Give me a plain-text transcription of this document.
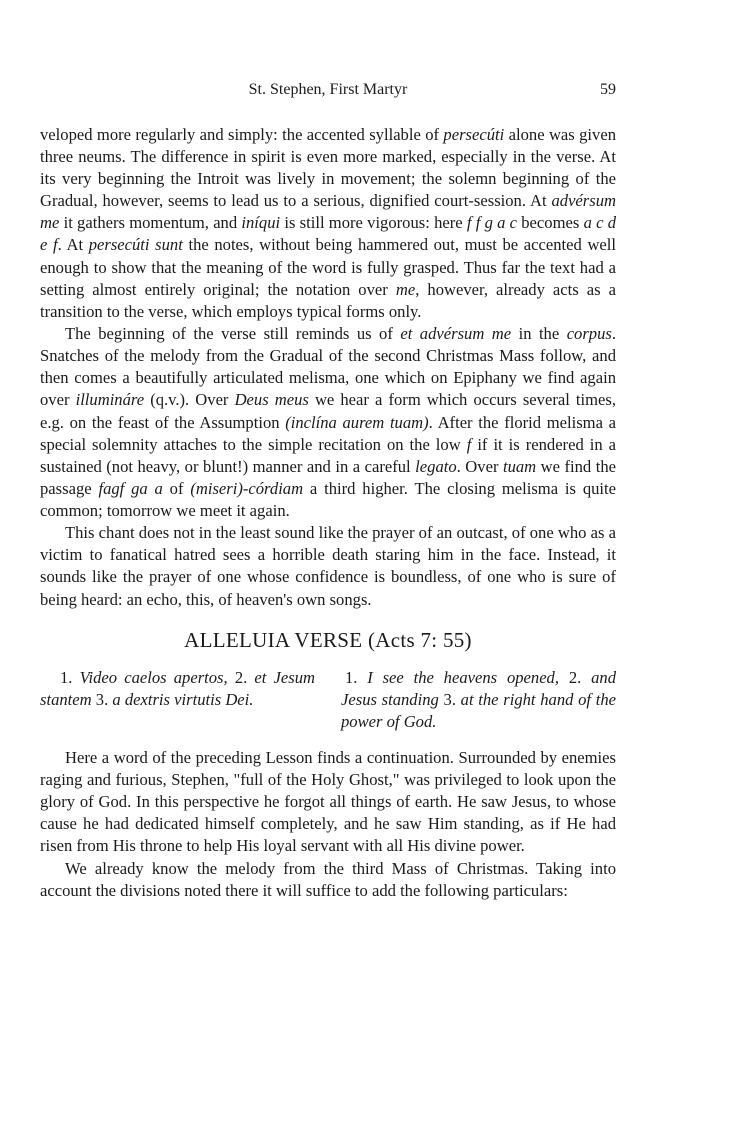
St. Stephen, First Martyr	59

veloped more regularly and simply: the accented syllable of persecúti alone was given three neums. The difference in spirit is even more marked, especially in the verse. At its very beginning the Introit was lively in movement; the solemn beginning of the Gradual, however, seems to lead us to a serious, dignified court-session. At advérsum me it gathers momentum, and iníqui is still more vigorous: here f f g a c becomes a c d e f. At persecúti sunt the notes, without being hammered out, must be accented well enough to show that the meaning of the word is fully grasped. Thus far the text had a setting almost entirely original; the notation over me, however, already acts as a transition to the verse, which employs typical forms only.

The beginning of the verse still reminds us of et advérsum me in the corpus. Snatches of the melody from the Gradual of the second Christmas Mass follow, and then comes a beautifully articulated melisma, one which on Epiphany we find again over illumináre (q.v.). Over Deus meus we hear a form which occurs several times, e.g. on the feast of the Assumption (inclína aurem tuam). After the florid melisma a special solemnity attaches to the simple recitation on the low f if it is rendered in a sustained (not heavy, or blunt!) manner and in a careful legato. Over tuam we find the passage fagf ga a of (miseri)-córdiam a third higher. The closing melisma is quite common; tomorrow we meet it again.

This chant does not in the least sound like the prayer of an outcast, of one who as a victim to fanatical hatred sees a horrible death staring him in the face. Instead, it sounds like the prayer of one whose confidence is boundless, of one who is sure of being heard: an echo, this, of heaven's own songs.

ALLELUIA VERSE (Acts 7: 55)
1. Video caelos apertos, 2. et Jesum stantem 3. a dextris virtutis Dei.
1. I see the heavens opened, 2. and Jesus standing 3. at the right hand of the power of God.

Here a word of the preceding Lesson finds a continuation. Surrounded by enemies raging and furious, Stephen, "full of the Holy Ghost," was privileged to look upon the glory of God. In this perspective he forgot all things of earth. He saw Jesus, to whose cause he had dedicated himself completely, and he saw Him standing, as if He had risen from His throne to help His loyal servant with all His divine power.

We already know the melody from the third Mass of Christmas. Taking into account the divisions noted there it will suffice to add the following particulars:
